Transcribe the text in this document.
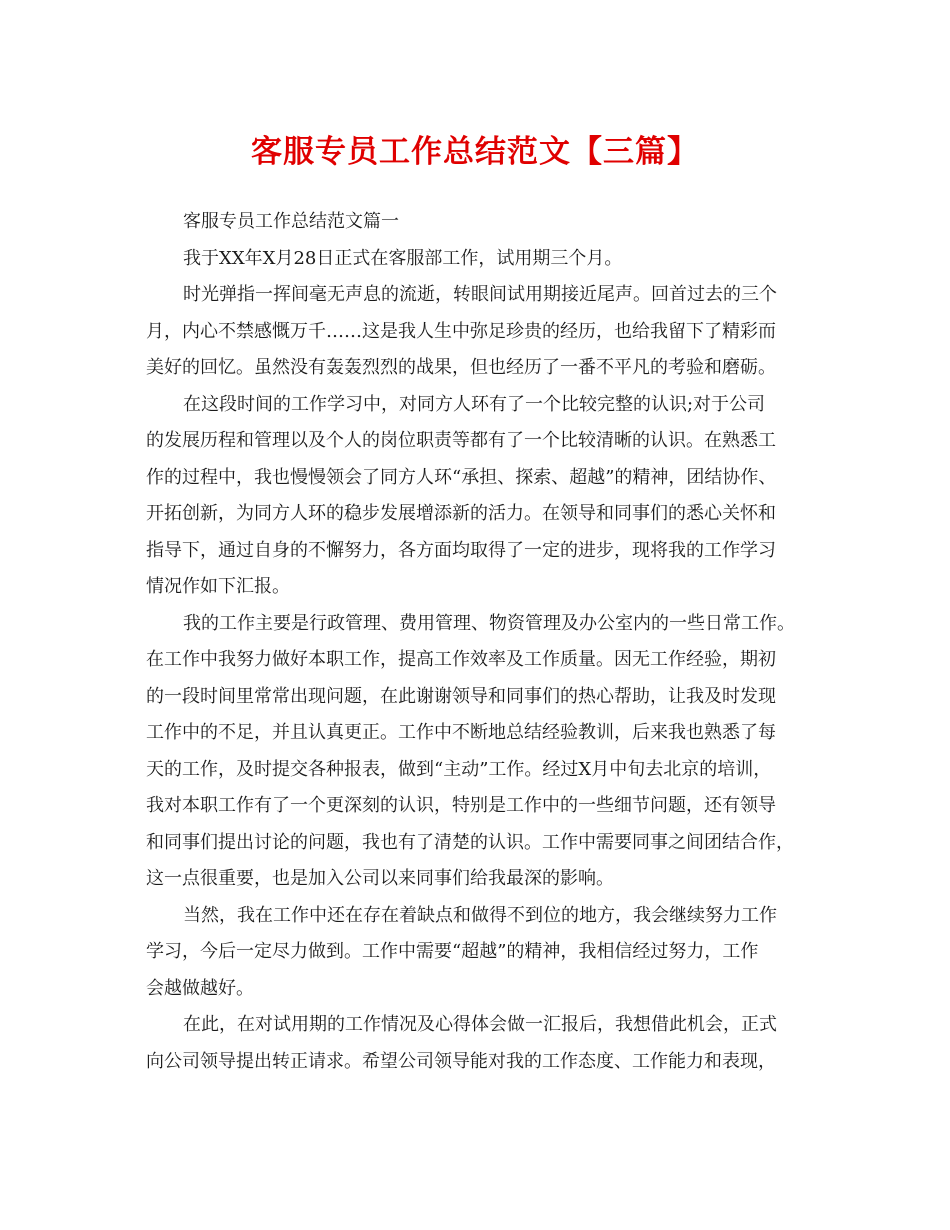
客服专员工作总结范文【三篇】

客服专员工作总结范文篇一

我于XX年X月28日正式在客服部工作，试用期三个月。

时光弹指一挥间毫无声息的流逝，转眼间试用期接近尾声。回首过去的三个

月，内心不禁感慨万千……这是我人生中弥足珍贵的经历，也给我留下了精彩而

美好的回忆。虽然没有轰轰烈烈的战果，但也经历了一番不平凡的考验和磨砺。

在这段时间的工作学习中，对同方人环有了一个比较完整的认识;对于公司

的发展历程和管理以及个人的岗位职责等都有了一个比较清晰的认识。在熟悉工

作的过程中，我也慢慢领会了同方人环“承担、探索、超越”的精神，团结协作、

开拓创新，为同方人环的稳步发展增添新的活力。在领导和同事们的悉心关怀和

指导下，通过自身的不懈努力，各方面均取得了一定的进步，现将我的工作学习

情况作如下汇报。

我的工作主要是行政管理、费用管理、物资管理及办公室内的一些日常工作。

在工作中我努力做好本职工作，提高工作效率及工作质量。因无工作经验，期初

的一段时间里常常出现问题，在此谢谢领导和同事们的热心帮助，让我及时发现

工作中的不足，并且认真更正。工作中不断地总结经验教训，后来我也熟悉了每

天的工作，及时提交各种报表，做到“主动”工作。经过X月中旬去北京的培训，

我对本职工作有了一个更深刻的认识，特别是工作中的一些细节问题，还有领导

和同事们提出讨论的问题，我也有了清楚的认识。工作中需要同事之间团结合作，

这一点很重要，也是加入公司以来同事们给我最深的影响。

当然，我在工作中还在存在着缺点和做得不到位的地方，我会继续努力工作

学习，今后一定尽力做到。工作中需要“超越”的精神，我相信经过努力，工作

会越做越好。

在此，在对试用期的工作情况及心得体会做一汇报后，我想借此机会，正式

向公司领导提出转正请求。希望公司领导能对我的工作态度、工作能力和表现，
